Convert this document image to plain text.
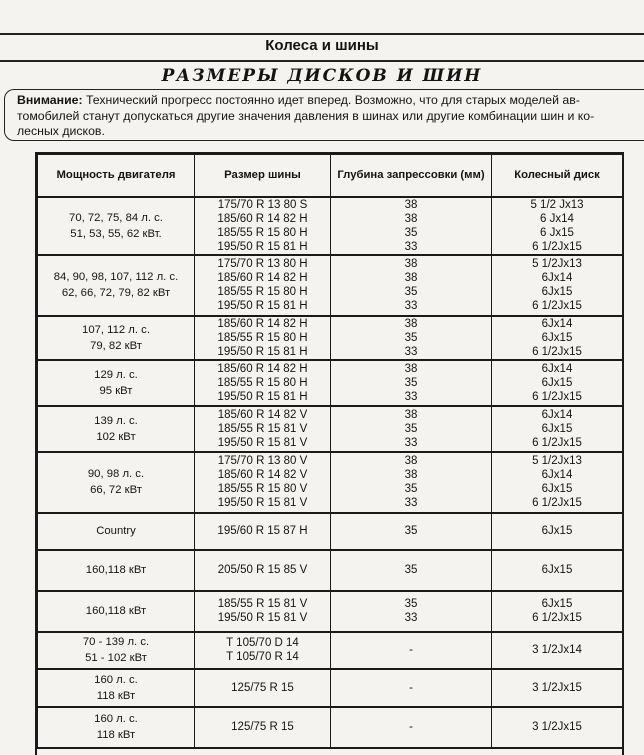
Колеса и шины
РАЗМЕРЫ ДИСКОВ И ШИН
Внимание: Технический прогресс постоянно идет вперед. Возможно, что для старых моделей ав-
томобилей станут допускаться другие значения давления в шинах или другие комбинации шин и ко-
лесных дисков.
Мощность двигателя	Размер шины	Глубина запрессовки (мм)	Колесный диск

70, 72, 75, 84 л. с.
51, 53, 55, 62 кВт.	175/70 R 13 80 S
185/60 R 14 82 H
185/55 R 15 80 H
195/50 R 15 81 H	38
38
35
33	5 1/2 Jx13
6 Jx14
6 Jx15
6 1/2Jx15

84, 90, 98, 107, 112 л. с.
62, 66, 72, 79, 82 кВт	175/70 R 13 80 H
185/60 R 14 82 H
185/55 R 15 80 H
195/50 R 15 81 H	38
38
35
33	5 1/2Jx13
6Jx14
6Jx15
6 1/2Jx15

107, 112 л. с.
79, 82 кВт	185/60 R 14 82 H
185/55 R 15 80 H
195/50 R 15 81 H	38
35
33	6Jx14
6Jx15
6 1/2Jx15

129 л. с.
95 кВт	185/60 R 14 82 H
185/55 R 15 80 H
195/50 R 15 81 H	38
35
33	6Jx14
6Jx15
6 1/2Jx15

139 л. с.
102 кВт	185/60 R 14 82 V
185/55 R 15 81 V
195/50 R 15 81 V	38
35
33	6Jx14
6Jx15
6 1/2Jx15

90, 98 л. с.
66, 72 кВт	175/70 R 13 80 V
185/60 R 14 82 V
185/55 R 15 80 V
195/50 R 15 81 V	38
38
35
33	5 1/2Jx13
6Jx14
6Jx15
6 1/2Jx15

Country	195/60 R 15 87 H	35	6Jx15

160,118 кВт	205/50 R 15 85 V	35	6Jx15

160,118 кВт	185/55 R 15 81 V
195/50 R 15 81 V	35
33	6Jx15
6 1/2Jx15

70 - 139 л. с.
51 - 102 кВт	T 105/70 D 14
T 105/70 R 14	-	3 1/2Jx14

160 л. с.
118 кВт	125/75 R 15	-	3 1/2Jx15

160 л. с.
118 кВт	125/75 R 15	-	3 1/2Jx15
